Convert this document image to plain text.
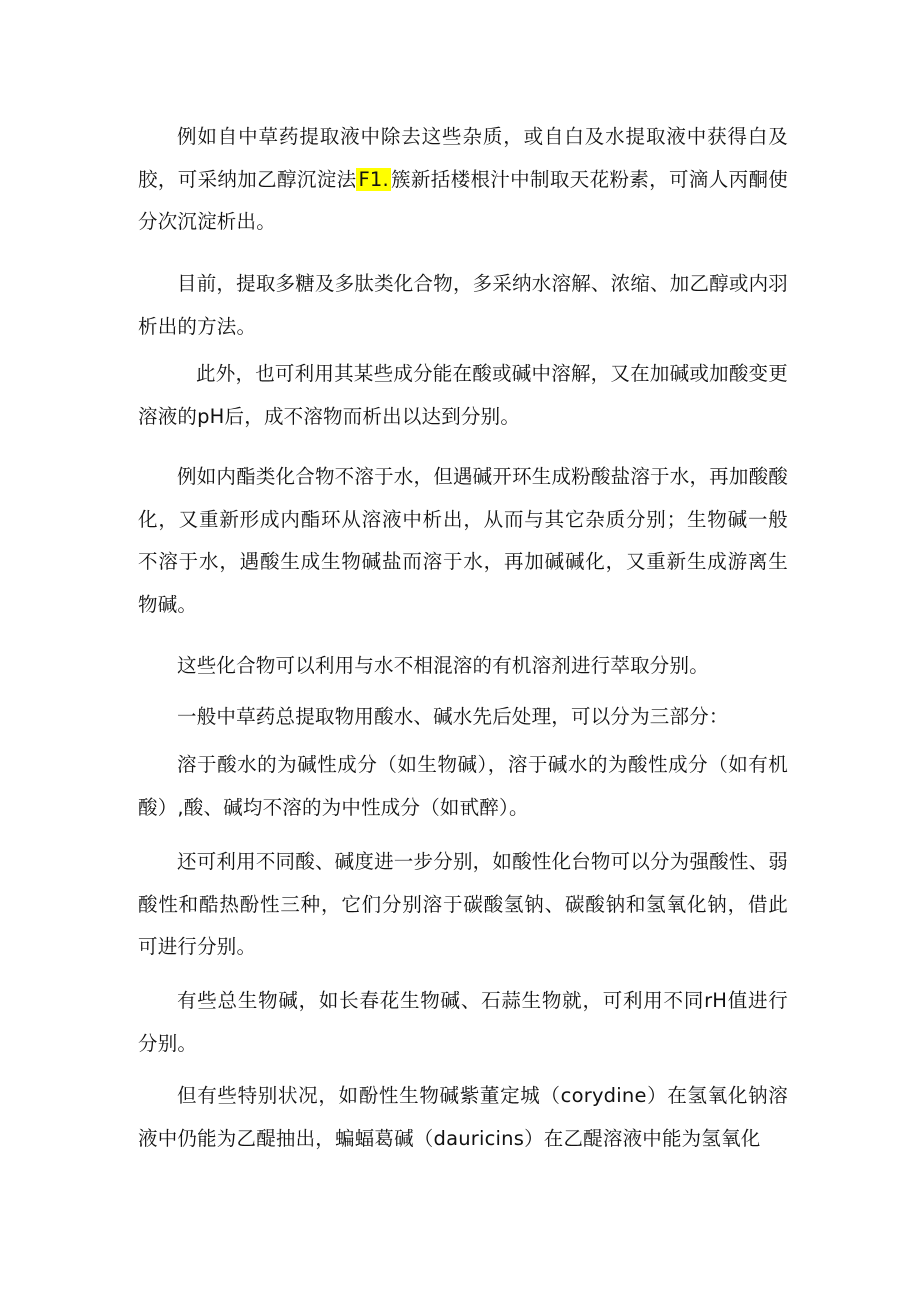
例如自中草药提取液中除去这些杂质，或自白及水提取液中获得白及胶，可采纳加乙醇沉淀法 F1. 簇新括楼根汁中制取天花粉素，可滴人丙酮使分次沉淀析出。

目前，提取多糖及多肽类化合物，多采纳水溶解、浓缩、加乙醇或内羽析出的方法。

此外，也可利用其某些成分能在酸或碱中溶解，又在加碱或加酸变更溶液的pH后，成不溶物而析出以达到分别。

例如内酯类化合物不溶于水，但遇碱开环生成粉酸盐溶于水，再加酸酸化，又重新形成内酯环从溶液中析出，从而与其它杂质分别；生物碱一般不溶于水，遇酸生成生物碱盐而溶于水，再加碱碱化，又重新生成游离生物碱。

这些化合物可以利用与水不相混溶的有机溶剂进行萃取分别。

一般中草药总提取物用酸水、碱水先后处理，可以分为三部分：

溶于酸水的为碱性成分（如生物碱），溶于碱水的为酸性成分（如有机酸）,酸、碱均不溶的为中性成分（如甙醉）。

还可利用不同酸、碱度进一步分别，如酸性化台物可以分为强酸性、弱酸性和酷热酚性三种，它们分别溶于碳酸氢钠、碳酸钠和氢氧化钠，借此可进行分别。

有些总生物碱，如长春花生物碱、石蒜生物就，可利用不同rH值进行分别。

但有些特别状况，如酚性生物碱紫董定城（corydine）在氢氧化钠溶液中仍能为乙醍抽出，蝙蝠葛碱（dauricins）在乙醍溶液中能为氢氧化
